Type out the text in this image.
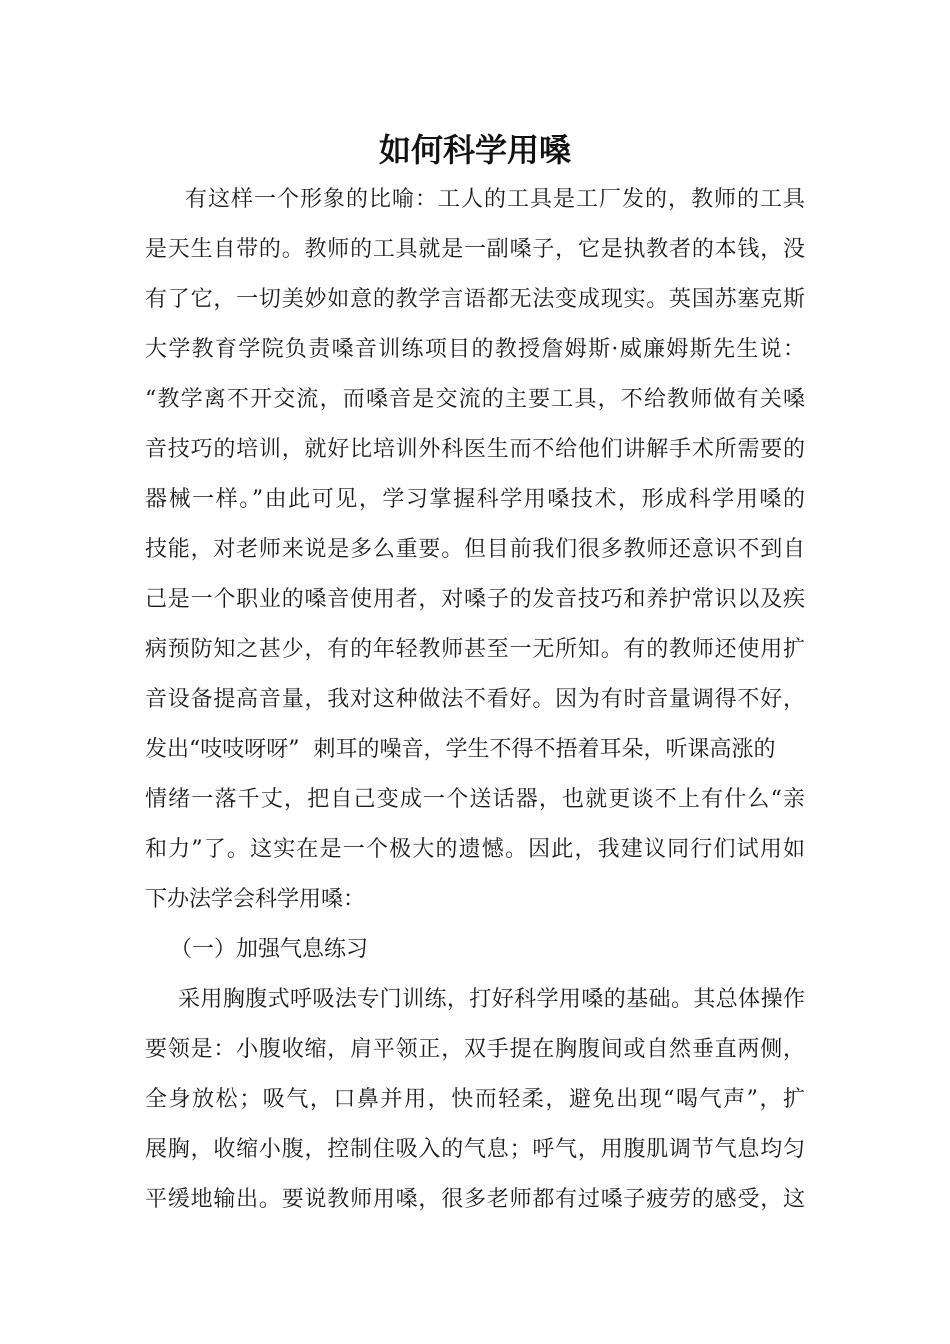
如何科学用嗓
有这样一个形象的比喻：工人的工具是工厂发的，教师的工具
是天生自带的。教师的工具就是一副嗓子，它是执教者的本钱，没
有了它，一切美妙如意的教学言语都无法变成现实。英国苏塞克斯
大学教育学院负责嗓音训练项目的教授詹姆斯·威廉姆斯先生说：
“教学离不开交流，而嗓音是交流的主要工具，不给教师做有关嗓
音技巧的培训，就好比培训外科医生而不给他们讲解手术所需要的
器械一样。”由此可见，学习掌握科学用嗓技术，形成科学用嗓的
技能，对老师来说是多么重要。但目前我们很多教师还意识不到自
己是一个职业的嗓音使用者，对嗓子的发音技巧和养护常识以及疾
病预防知之甚少，有的年轻教师甚至一无所知。有的教师还使用扩
音设备提高音量，我对这种做法不看好。因为有时音量调得不好，
发出“吱吱呀呀”  刺耳的噪音，学生不得不捂着耳朵，听课高涨的
情绪一落千丈，把自己变成一个送话器，也就更谈不上有什么“亲
和力”了。这实在是一个极大的遗憾。因此，我建议同行们试用如
下办法学会科学用嗓：
（一）加强气息练习
采用胸腹式呼吸法专门训练，打好科学用嗓的基础。其总体操作
要领是：小腹收缩，肩平领正，双手提在胸腹间或自然垂直两侧，
全身放松；吸气，口鼻并用，快而轻柔，避免出现“喝气声”，扩
展胸，收缩小腹，控制住吸入的气息；呼气，用腹肌调节气息均匀
平缓地输出。要说教师用嗓，很多老师都有过嗓子疲劳的感受，这
